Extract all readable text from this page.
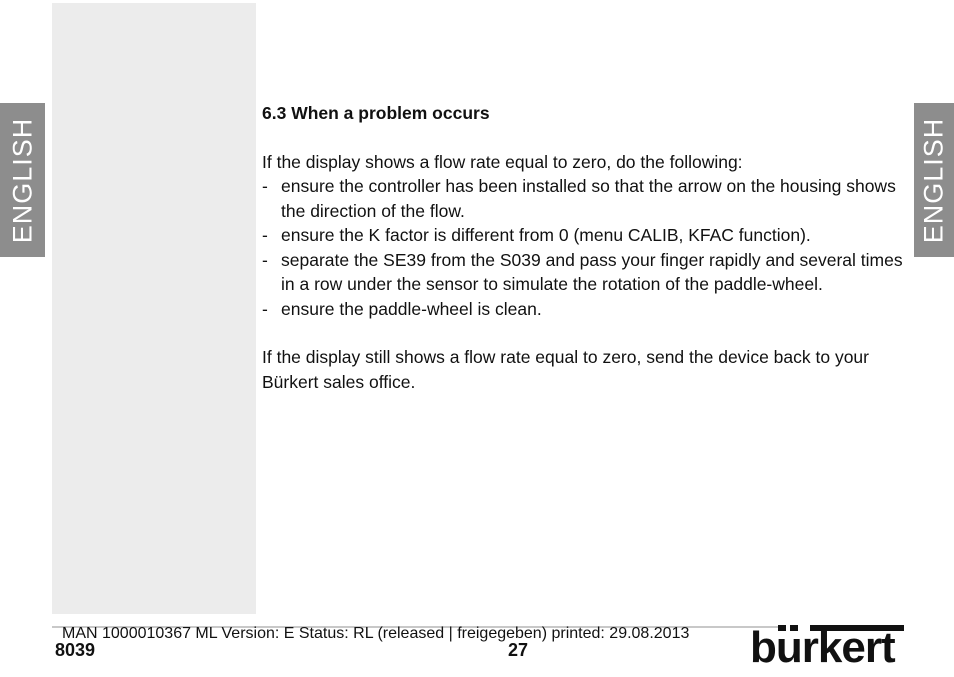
ENGLISH	ENGLISH

6.3 When a problem occurs

If the display shows a flow rate equal to zero, do the following:

- ensure the controller has been installed so that the arrow on the housing shows the direction of the flow.
- ensure the K factor is different from 0 (menu CALIB, KFAC function).
- separate the SE39 from the S039 and pass your finger rapidly and several times in a row under the sensor to simulate the rotation of the paddle-wheel.
- ensure the paddle-wheel is clean.

If the display still shows a flow rate equal to zero, send the device back to your Bürkert sales office.

MAN 1000010367 ML Version: E Status: RL (released | freigegeben) printed: 29.08.2013
8039	27	burkert
